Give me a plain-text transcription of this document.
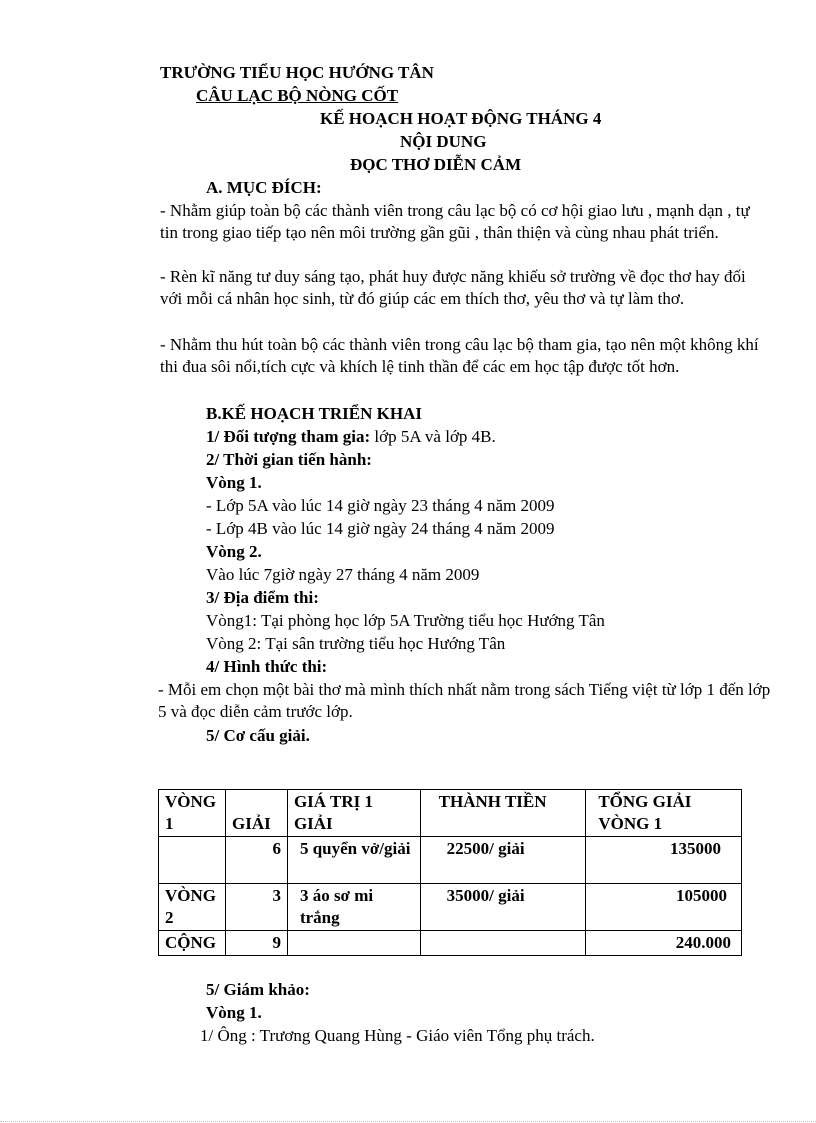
TRƯỜNG TIỂU HỌC HƯỚNG TÂN
CÂU LẠC BỘ NÒNG CỐT
KẾ HOẠCH HOẠT ĐỘNG THÁNG 4
NỘI DUNG
ĐỌC THƠ DIỄN CẢM
A. MỤC ĐÍCH:
- Nhằm giúp toàn bộ các thành viên trong câu lạc bộ có cơ hội giao lưu , mạnh dạn , tự tin trong giao tiếp tạo nên môi trường gần gũi , thân thiện và cùng nhau phát triển.
- Rèn kĩ năng tư duy sáng tạo, phát huy được năng khiếu sở trường về đọc thơ hay đối với mỗi cá nhân học sinh, từ đó giúp các em thích thơ, yêu thơ và tự làm thơ.
- Nhằm thu hút toàn bộ các thành viên trong câu lạc bộ tham gia, tạo nên một không khí thi đua sôi nổi,tích cực và khích lệ tinh thần để các em học tập được tốt hơn.
B.KẾ HOẠCH TRIỂN KHAI
1/ Đối tượng tham gia: lớp 5A và lớp 4B.
2/ Thời gian tiến hành:
Vòng 1.
- Lớp 5A vào lúc 14 giờ ngày 23 tháng 4 năm 2009
- Lớp 4B vào lúc 14 giờ ngày 24 tháng 4 năm 2009
Vòng 2.
Vào lúc 7giờ ngày 27 tháng 4 năm 2009
3/ Địa điểm thi:
Vòng1: Tại phòng học lớp 5A Trường tiểu học Hướng Tân
Vòng 2: Tại sân trường tiểu học Hướng Tân
4/ Hình thức thi:
- Mỗi em chọn một bài thơ mà mình thích nhất nằm trong sách Tiếng việt từ lớp 1 đến lớp 5 và đọc diễn cảm trước lớp.
5/ Cơ cấu giải.
VÒNG 1	GIẢI	GIÁ TRỊ 1 GIẢI	THÀNH TIỀN	TỔNG GIẢI VÒNG 1
	6	5 quyển vở/giải	22500/ giải	135000
VÒNG 2	3	3 áo sơ mi trắng	35000/ giải	105000
CỘNG	9			240.000
5/ Giám khảo:
Vòng 1.
1/ Ông : Trương Quang Hùng - Giáo viên Tổng phụ trách.
